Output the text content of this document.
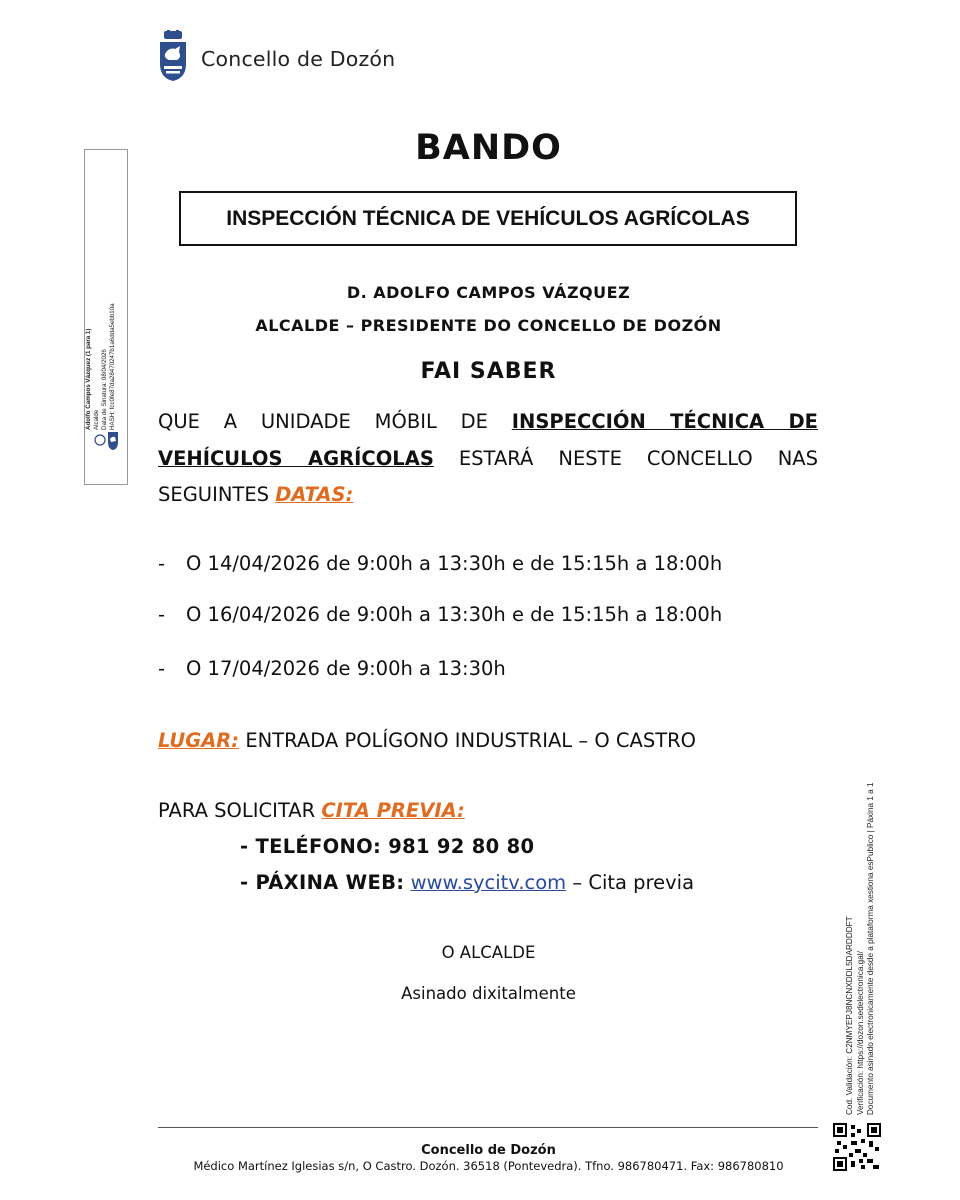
Concello de Dozón
Adolfo Campos Vázquez (1 para 1) Alcalde Data de Sinatura: 08/04/2026 HASH: fcc0fe87da28470247b1a6dda5ebb10a
BANDO
INSPECCIÓN TÉCNICA DE VEHÍCULOS AGRÍCOLAS
D. ADOLFO CAMPOS VÁZQUEZ
ALCALDE – PRESIDENTE DO CONCELLO DE DOZÓN
FAI SABER
QUE A UNIDADE MÓBIL DE INSPECCIÓN TÉCNICA DE VEHÍCULOS AGRÍCOLAS ESTARÁ NESTE CONCELLO NAS SEGUINTES DATAS:
-	O 14/04/2026 de 9:00h a 13:30h e de 15:15h a 18:00h
-	O 16/04/2026 de 9:00h a 13:30h e de 15:15h a 18:00h
-	O 17/04/2026 de 9:00h a 13:30h
LUGAR: ENTRADA POLÍGONO INDUSTRIAL – O CASTRO
PARA SOLICITAR CITA PREVIA:
- TELÉFONO: 981 92 80 80
- PÁXINA WEB: www.sycitv.com – Cita previa
O ALCALDE
Asinado dixitalmente	Cod. Validación: C2NMYEPJ8NCNXDDL5DARDDDFT Verificación: https://dozon.sedelectronica.gal/ Documento asinado electronicamente desde a plataforma xestiona esPublico | Páxina 1 a 1
Concello de Dozón
Médico Martínez Iglesias s/n, O Castro. Dozón. 36518 (Pontevedra). Tfno. 986780471. Fax: 986780810
